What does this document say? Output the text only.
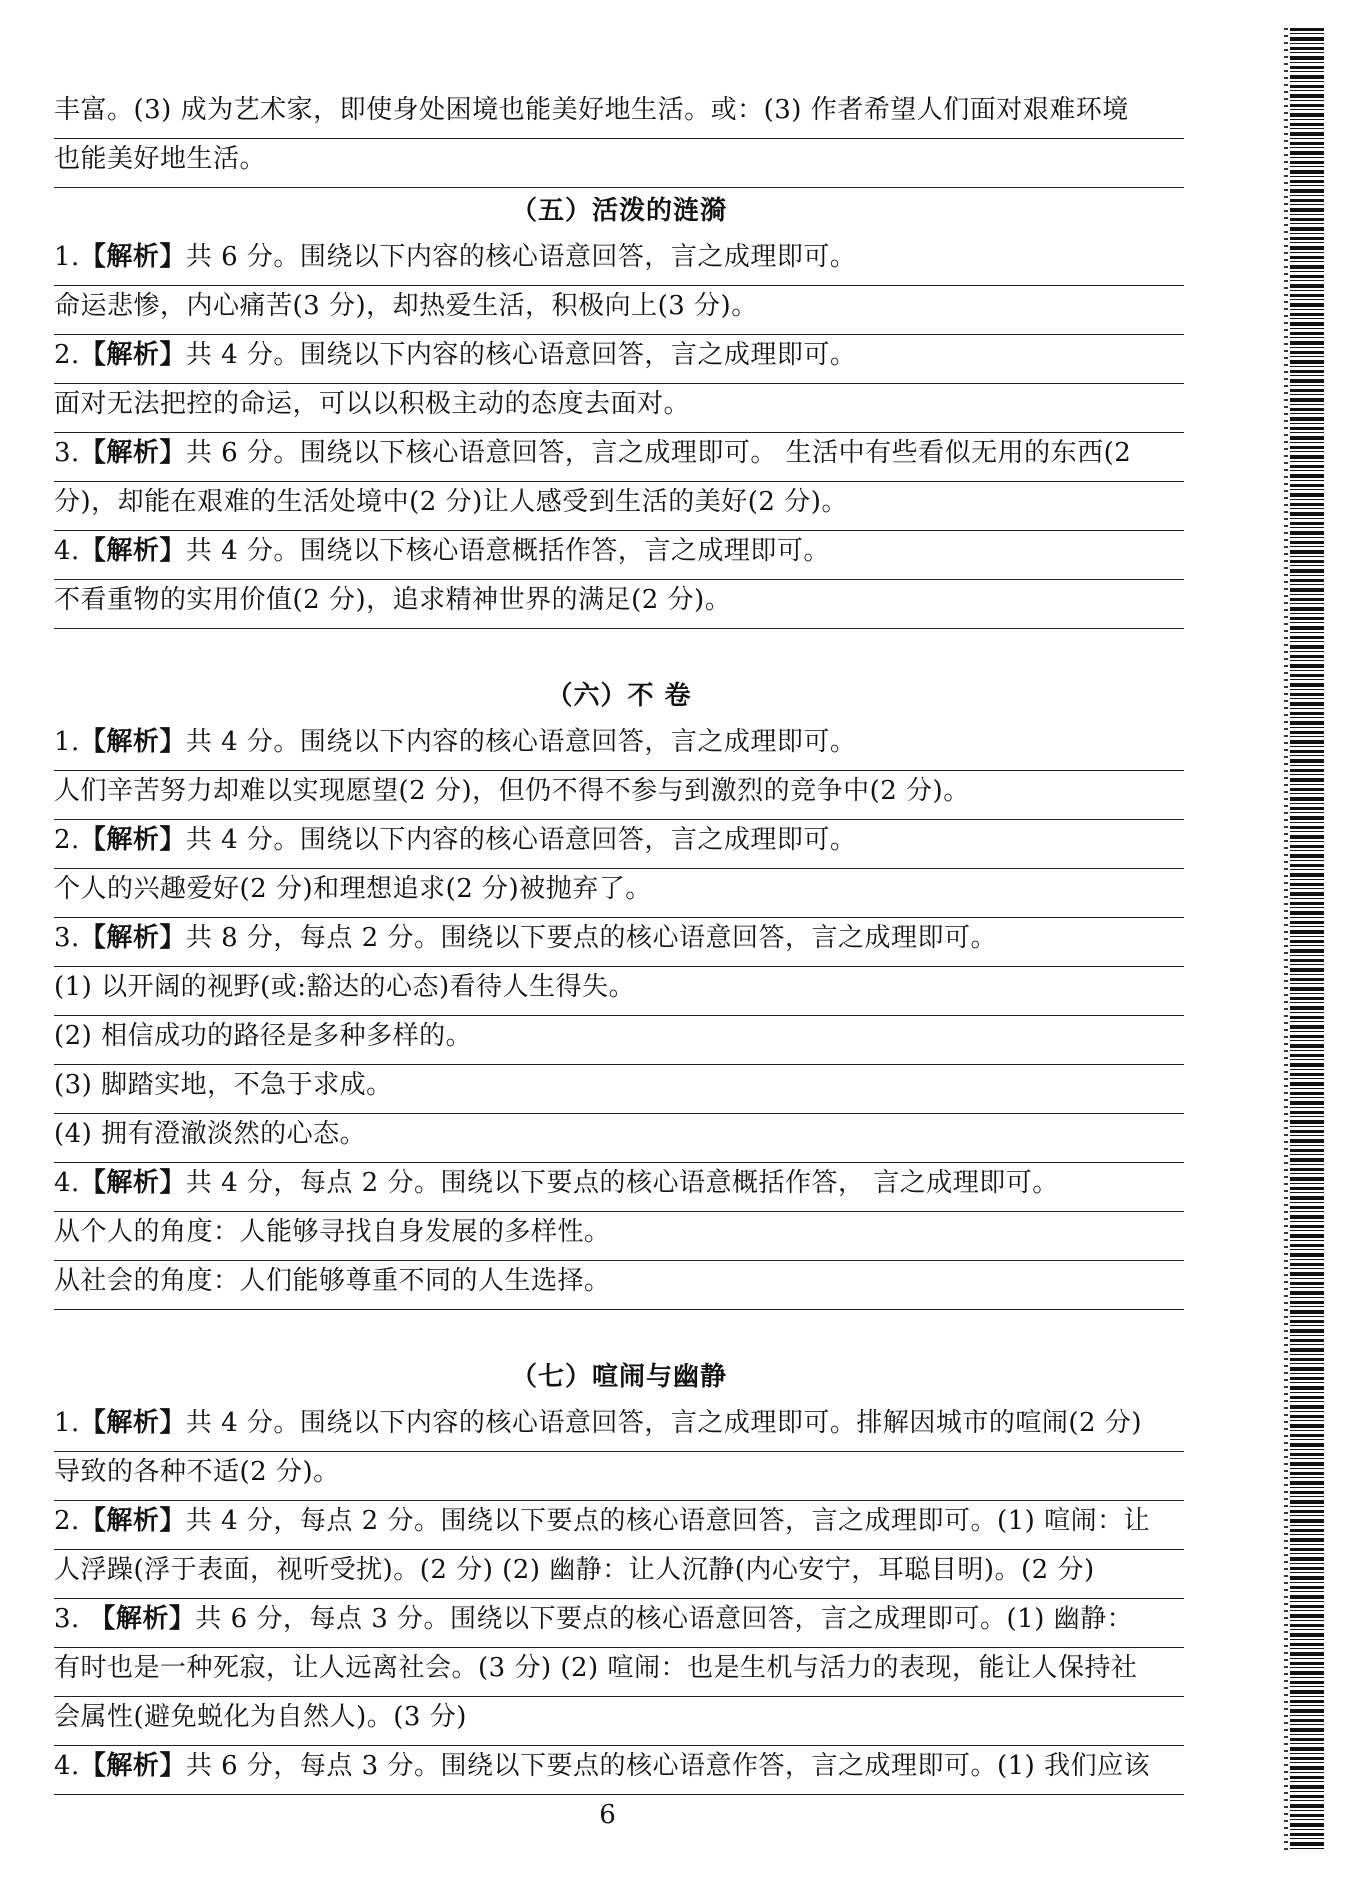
丰富。(3) 成为艺术家，即使身处困境也能美好地生活。或：(3) 作者希望人们面对艰难环境
也能美好地生活。
（五）活泼的涟漪
1.【解析】共 6 分。围绕以下内容的核心语意回答，言之成理即可。
命运悲惨，内心痛苦(3 分)，却热爱生活，积极向上(3 分)。
2.【解析】共 4 分。围绕以下内容的核心语意回答，言之成理即可。
面对无法把控的命运，可以以积极主动的态度去面对。
3.【解析】共 6 分。围绕以下核心语意回答，言之成理即可。 生活中有些看似无用的东西(2
分)，却能在艰难的生活处境中(2 分)让人感受到生活的美好(2 分)。
4.【解析】共 4 分。围绕以下核心语意概括作答，言之成理即可。
不看重物的实用价值(2 分)，追求精神世界的满足(2 分)。
（六）不 卷
1.【解析】共 4 分。围绕以下内容的核心语意回答，言之成理即可。
人们辛苦努力却难以实现愿望(2 分)，但仍不得不参与到激烈的竞争中(2 分)。
2.【解析】共 4 分。围绕以下内容的核心语意回答，言之成理即可。
个人的兴趣爱好(2 分)和理想追求(2 分)被抛弃了。
3.【解析】共 8 分，每点 2 分。围绕以下要点的核心语意回答，言之成理即可。
(1) 以开阔的视野(或:豁达的心态)看待人生得失。
(2) 相信成功的路径是多种多样的。
(3) 脚踏实地，不急于求成。
(4) 拥有澄澈淡然的心态。
4.【解析】共 4 分，每点 2 分。围绕以下要点的核心语意概括作答， 言之成理即可。
从个人的角度：人能够寻找自身发展的多样性。
从社会的角度：人们能够尊重不同的人生选择。
（七）喧闹与幽静
1.【解析】共 4 分。围绕以下内容的核心语意回答，言之成理即可。排解因城市的喧闹(2 分)
导致的各种不适(2 分)。
2.【解析】共 4 分，每点 2 分。围绕以下要点的核心语意回答，言之成理即可。(1) 喧闹：让
人浮躁(浮于表面，视听受扰)。(2 分) (2) 幽静：让人沉静(内心安宁，耳聪目明)。(2 分)
3. 【解析】共 6 分，每点 3 分。围绕以下要点的核心语意回答，言之成理即可。(1) 幽静：
有时也是一种死寂，让人远离社会。(3 分) (2) 喧闹：也是生机与活力的表现，能让人保持社
会属性(避免蜕化为自然人)。(3 分)
4.【解析】共 6 分，每点 3 分。围绕以下要点的核心语意作答，言之成理即可。(1) 我们应该
6
